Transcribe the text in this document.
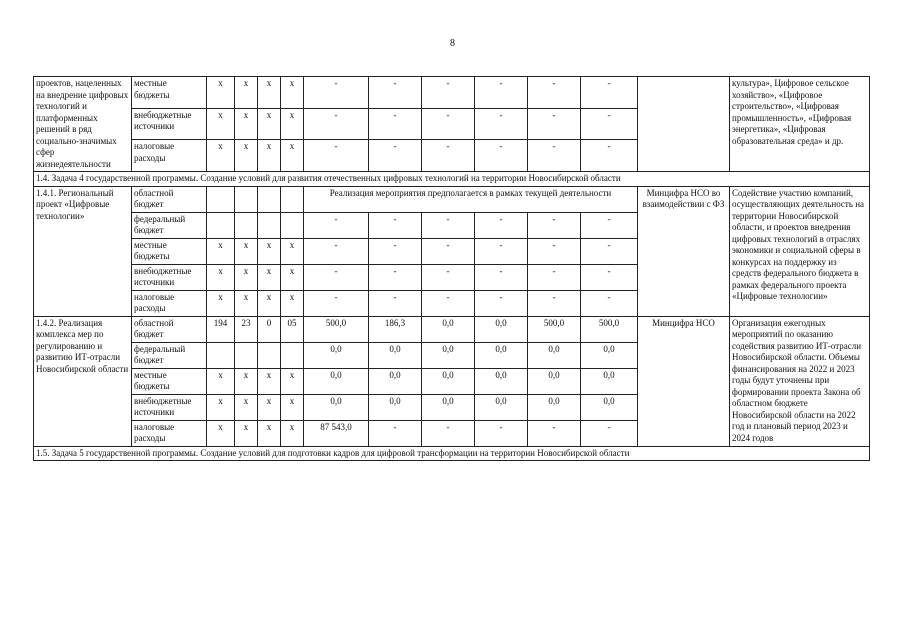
8
проектов, нацеленных на внедрение цифровых технологий и платформенных решений в ряд социально-значимых сфер жизнедеятельности	местные бюджеты	х	х	х	х	-	-	-	-	-	-		культура», Цифровое сельское хозяйство», «Цифровое строительство», «Цифровая промышленность», «Цифровая энергетика», «Цифровая образовательная среда» и др.
	внебюджетные источники	х	х	х	х	-	-	-	-	-	-		
	налоговые расходы	х	х	х	х	-	-	-	-	-	-		
1.4. Задача 4 государственной программы. Создание условий для развития отечественных цифровых технологий на территории Новосибирской области													
1.4.1. Региональный проект «Цифровые технологии»	областной бюджет					Реализация мероприятия предполагается в рамках текущей деятельности						Минцифра НСО во взаимодействии с ФЗ	Содействие участию компаний, осуществляющих деятельность на территории Новосибирской области, и проектов внедрения цифровых технологий в отраслях экономики и социальной сферы в конкурсах на поддержку из средств федерального бюджета в рамках федерального проекта «Цифровые технологии»
	федеральный бюджет					-	-	-	-	-	-		
	местные бюджеты	х	х	х	х	-	-	-	-	-	-		
	внебюджетные источники	х	х	х	х	-	-	-	-	-	-		
	налоговые расходы	х	х	х	х	-	-	-	-	-	-		
1.4.2. Реализация комплекса мер по регулированию и развитию ИТ-отрасли Новосибирской области	областной бюджет	194	23	0	05	500,0	186,3	0,0	0,0	500,0	500,0	Минцифра НСО	Организация ежегодных мероприятий по оказанию содействия развитию ИТ-отрасли Новосибирской области. Объемы финансирования на 2022 и 2023 годы будут уточнены при формировании проекта Закона об областном бюджете Новосибирской области на 2022 год и плановый период 2023 и 2024 годов
	федеральный бюджет					0,0	0,0	0,0	0,0	0,0	0,0		
	местные бюджеты	х	х	х	х	0,0	0,0	0,0	0,0	0,0	0,0		
	внебюджетные источники	х	х	х	х	0,0	0,0	0,0	0,0	0,0	0,0		
	налоговые расходы	х	х	х	х	87 543,0	-	-	-	-	-		
1.5. Задача 5 государственной программы. Создание условий для подготовки кадров для цифровой трансформации на территории Новосибирской области													
